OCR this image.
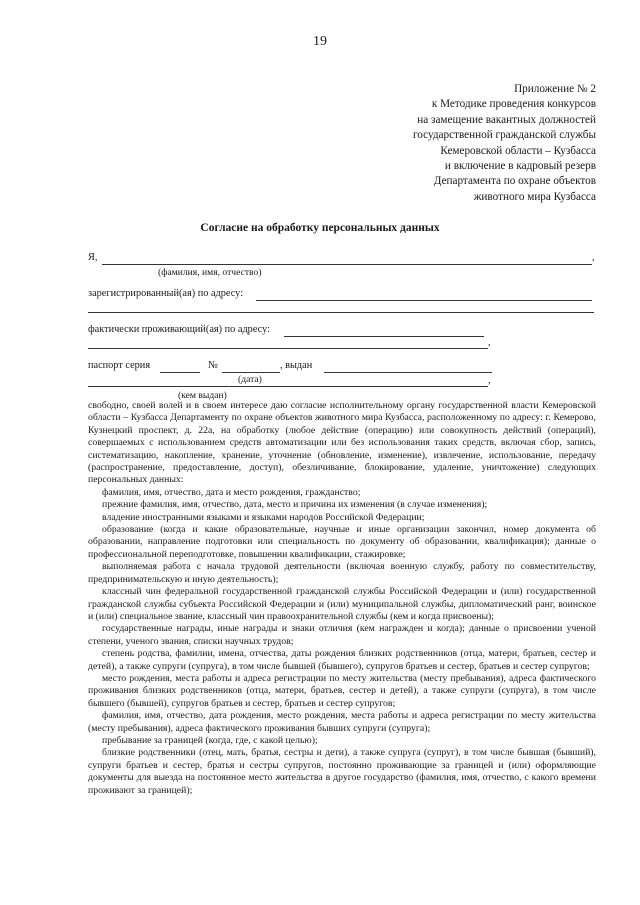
19
Приложение № 2
к Методике проведения конкурсов
на замещение вакантных должностей
государственной гражданской службы
Кемеровской области – Кузбасса
и включение в кадровый резерв
Департамента по охране объектов
животного мира Кузбасса
Согласие на обработку персональных данных
Я,	,
(фамилия, имя, отчество)
зарегистрированный(ая) по адресу:
фактически проживающий(ая) по адресу:
,
паспорт серия	№	, выдан
(дата)	,
(кем выдан)

свободно, своей волей и в своем интересе даю согласие исполнительному органу государственной власти Кемеровской области – Кузбасса Департаменту по охране объектов животного мира Кузбасса, расположенному по адресу: г. Кемерово, Кузнецкий проспект, д. 22а, на обработку (любое действие (операцию) или совокупность действий (операций), совершаемых с использованием средств автоматизации или без использования таких средств, включая сбор, запись, систематизацию, накопление, хранение, уточнение (обновление, изменение), извлечение, использование, передачу (распространение, предоставление, доступ), обезличивание, блокирование, удаление, уничтожение) следующих персональных данных:

фамилия, имя, отчество, дата и место рождения, гражданство;

прежние фамилия, имя, отчество, дата, место и причина их изменения (в случае изменения);

владение иностранными языками и языками народов Российской Федерации;

образование (когда и какие образовательные, научные и иные организации закончил, номер документа об образовании, направление подготовки или специальность по документу об образовании, квалификация); данные о профессиональной переподготовке, повышении квалификации, стажировке;

выполняемая работа с начала трудовой деятельности (включая военную службу, работу по совместительству, предпринимательскую и иную деятельность);

классный чин федеральной государственной гражданской службы Российской Федерации и (или) государственной гражданской службы субъекта Российской Федерации и (или) муниципальной службы, дипломатический ранг, воинское и (или) специальное звание, классный чин правоохранительной службы (кем и когда присвоены);

государственные награды, иные награды и знаки отличия (кем награжден и когда); данные о присвоении ученой степени, ученого звания, списки научных трудов;

степень родства, фамилии, имена, отчества, даты рождения близких родственников (отца, матери, братьев, сестер и детей), а также супруги (супруга), в том числе бывшей (бывшего), супругов братьев и сестер, братьев и сестер супругов;

место рождения, места работы и адреса регистрации по месту жительства (месту пребывания), адреса фактического проживания близких родственников (отца, матери, братьев, сестер и детей), а также супруги (супруга), в том числе бывшего (бывшей), супругов братьев и сестер, братьев и сестер супругов;

фамилия, имя, отчество, дата рождения, место рождения, места работы и адреса регистрации по месту жительства (месту пребывания), адреса фактического проживания бывших супруги (супруга);

пребывание за границей (когда, где, с какой целью);

близкие родственники (отец, мать, братья, сестры и дети), а также супруга (супруг), в том числе бывшая (бывший), супруги братьев и сестер, братья и сестры супругов, постоянно проживающие за границей и (или) оформляющие документы для выезда на постоянное место жительства в другое государство (фамилия, имя, отчество, с какого времени проживают за границей);
